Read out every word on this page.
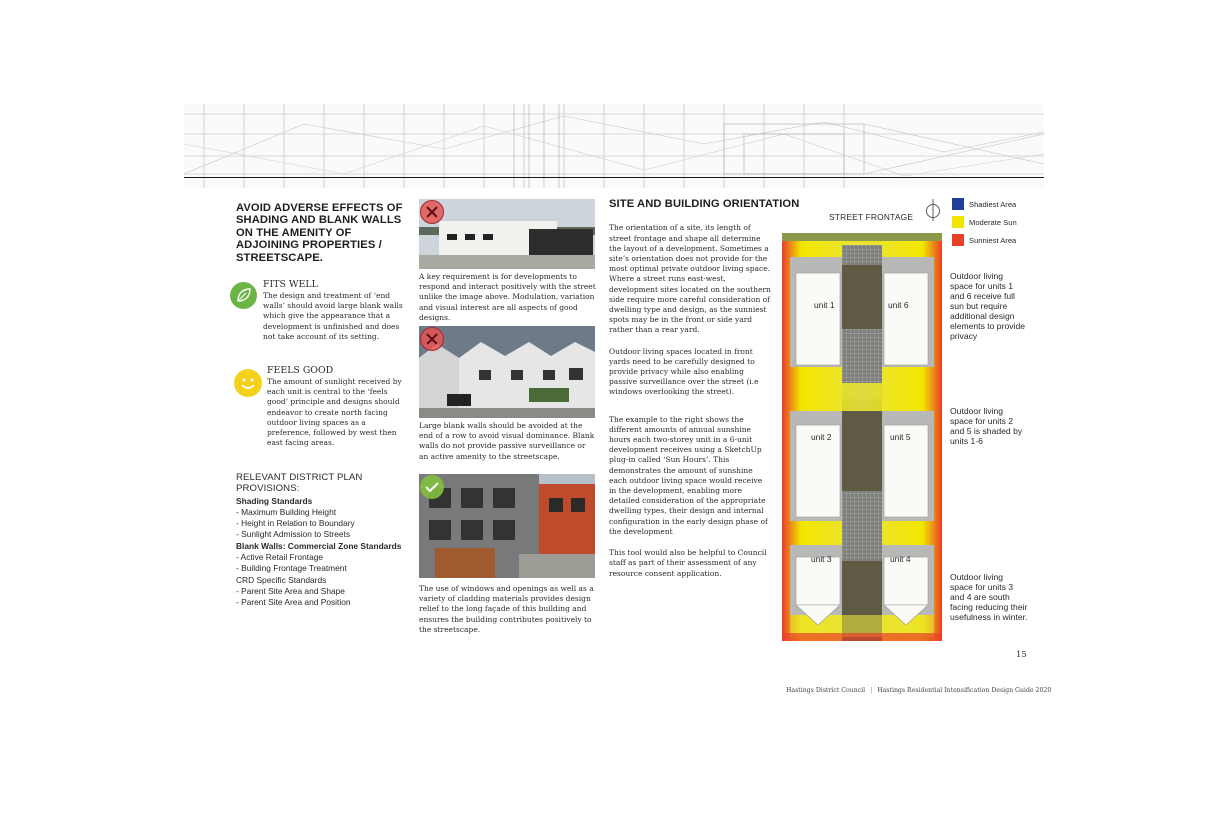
AVOID ADVERSE EFFECTS OF SHADING AND BLANK WALLS ON THE AMENITY OF ADJOINING PROPERTIES / STREETSCAPE.
FITS WELL
The design and treatment of ‘end walls’ should avoid large blank walls which give the appearance that a development is unfinished and does not take account of its setting.
FEELS GOOD
The amount of sunlight received by each unit is central to the ‘feels good’ principle and designs should endeavor to create north facing outdoor living spaces as a preference, followed by west then east facing areas.
RELEVANT DISTRICT PLAN PROVISIONS:
Shading Standards
- Maximum Building Height
- Height in Relation to Boundary
- Sunlight Admission to Streets
Blank Walls: Commercial Zone Standards
- Active Retail Frontage
- Building Frontage Treatment
CRD Specific Standards
- Parent Site Area and Shape
- Parent Site Area and Position
A key requirement is for developments to respond and interact positively with the street unlike the image above. Modulation, variation and visual interest are all aspects of good designs.
Large blank walls should be avoided at the end of a row to avoid visual dominance. Blank walls do not provide passive surveillance or an active amenity to the streetscape.
The use of windows and openings as well as a variety of cladding materials provides design relief to the long façade of this building and ensures the building contributes positively to the streetscape.
SITE AND BUILDING ORIENTATION

The orientation of a site, its length of street frontage and shape all determine the layout of a development. Sometimes a site’s orientation does not provide for the most optimal private outdoor living space. Where a street runs east-west, development sites located on the southern side require more careful consideration of dwelling type and design, as the sunniest spots may be in the front or side yard rather than a rear yard.

Outdoor living spaces located in front yards need to be carefully designed to provide privacy while also enabling passive surveillance over the street (i.e windows overlooking the street).

The example to the right shows the different amounts of annual sunshine hours each two-storey unit in a 6-unit development receives using a SketchUp plug-in called ‘Sun Hours’. This demonstrates the amount of sunshine each outdoor living space would receive in the development, enabling more detailed consideration of the appropriate dwelling types, their design and internal configuration in the early design phase of the development

This tool would also be helpful to Council staff as part of their assessment of any resource consent application.

STREET FRONTAGE
unit 1	unit 6
unit 2	unit 5
unit 3	unit 4
Shadiest Area
Moderate Sun
Sunniest Area
Outdoor living space for units 1 and 6 receive full sun but require additional design elements to provide privacy
Outdoor living space for units 2 and 5 is shaded by units 1-6
Outdoor living space for units 3 and 4 are south facing reducing their usefulness in winter.
15
Hastings District Council | Hastings Residential Intensification Design Guide 2020
